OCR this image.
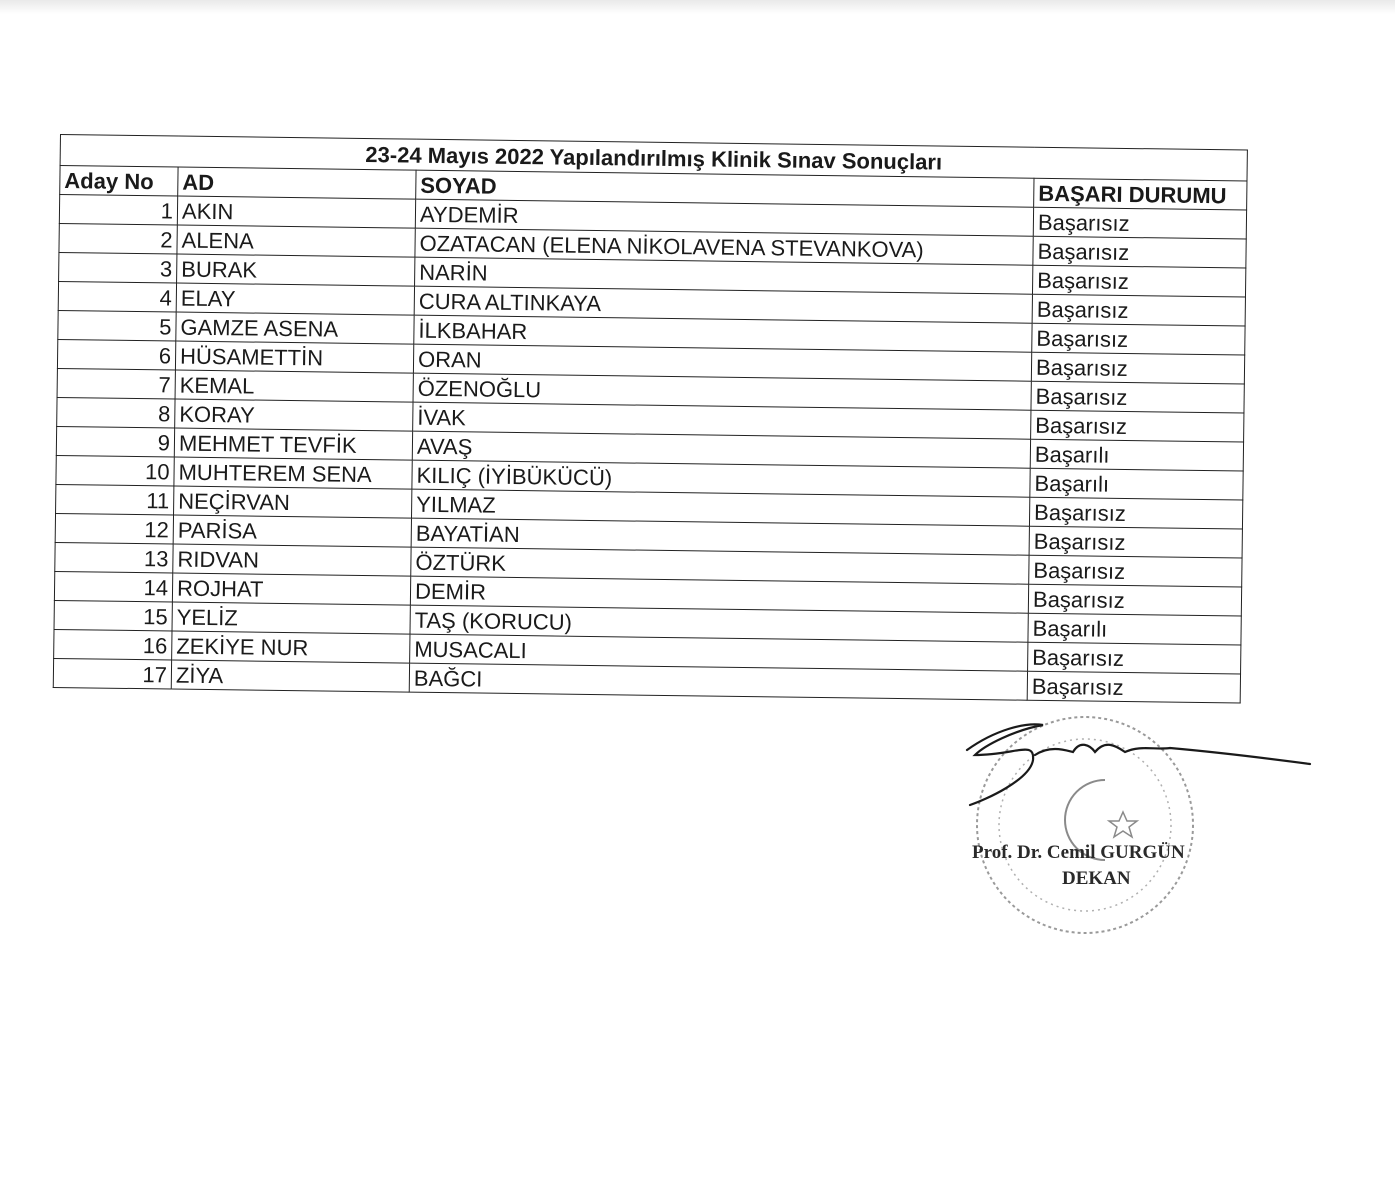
23-24 Mayıs 2022 Yapılandırılmış Klinik Sınav Sonuçları			
Aday No	AD	SOYAD	BAŞARI DURUMU
1	AKIN	AYDEMİR	Başarısız
2	ALENA	OZATACAN (ELENA NİKOLAVENA STEVANKOVA)	Başarısız
3	BURAK	NARİN	Başarısız
4	ELAY	CURA ALTINKAYA	Başarısız
5	GAMZE ASENA	İLKBAHAR	Başarısız
6	HÜSAMETTİN	ORAN	Başarısız
7	KEMAL	ÖZENOĞLU	Başarısız
8	KORAY	İVAK	Başarısız
9	MEHMET TEVFİK	AVAŞ	Başarılı
10	MUHTEREM SENA	KILIÇ (İYİBÜKÜCÜ)	Başarılı
11	NEÇİRVAN	YILMAZ	Başarısız
12	PARİSA	BAYATİAN	Başarısız
13	RIDVAN	ÖZTÜRK	Başarısız
14	ROJHAT	DEMİR	Başarısız
15	YELİZ	TAŞ (KORUCU)	Başarılı
16	ZEKİYE NUR	MUSACALI	Başarısız
17	ZİYA	BAĞCI	Başarısız
Prof. Dr. Cemil GURGÜN
DEKAN
